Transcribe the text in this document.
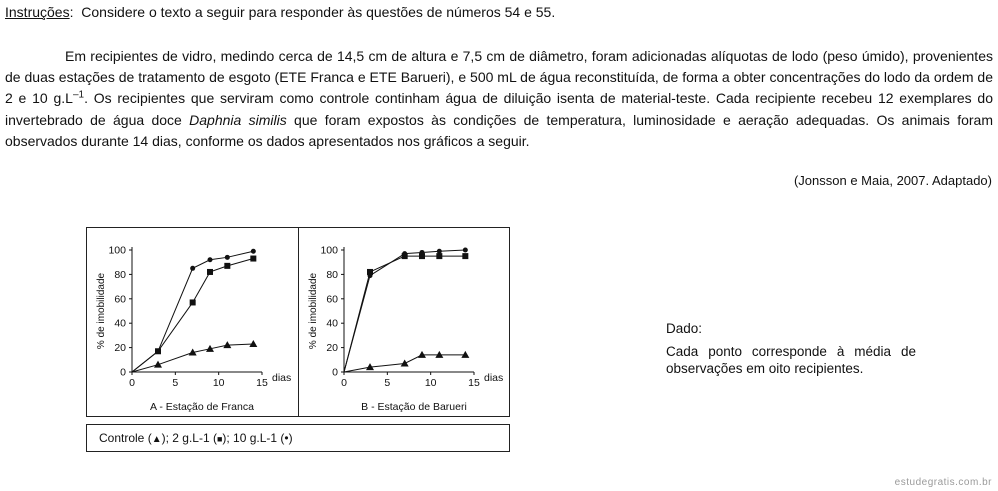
Instruções:  Considere o texto a seguir para responder às questões de números 54 e 55.
Em recipientes de vidro, medindo cerca de 14,5 cm de altura e 7,5 cm de diâmetro, foram adicionadas alíquotas de lodo (peso úmido), provenientes de duas estações de tratamento de esgoto (ETE Franca e ETE Barueri), e 500 mL de água reconstituída, de forma a obter concentrações do lodo da ordem de 2 e 10 $g.L^{-1}$. Os recipientes que serviram como controle continham água de diluição isenta de material-teste. Cada recipiente recebeu 12 exemplares do invertebrado de água doce Daphnia similis que foram expostos às condições de temperatura, luminosidade e aeração adequadas. Os animais foram observados durante 14 dias, conforme os dados apresentados nos gráficos a seguir.
(Jonsson e Maia, 2007. Adaptado)
0
20
40
60
80
100
0	5	10	15 dias
% de imobilidade
A - Estação de Franca
0
20
40
60
80
100
0	5	10	15 dias
% de imobilidade
B - Estação de Barueri
Controle (▲); 2 g.L-1 (■); 10 g.L-1 (•)
Dado:
Cada ponto corresponde à média de observações em oito recipientes.
estudegratis.com.br
